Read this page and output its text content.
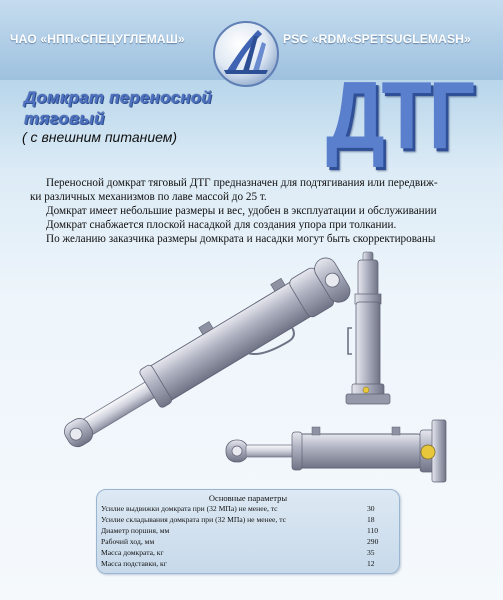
ЧАО «НПП«СПЕЦУГЛЕМАШ»	PSC «RDM«SPETSUGLEMASH»
Домкрат переносной
тяговый
( с внешним питанием) ДТГ

Переносной домкрат тяговый ДТГ предназначен для подтягивания или передвиж-

ки различных механизмов по лаве массой до 25 т.

Домкрат имеет небольшие размеры и вес, удобен в эксплуатации и обслуживании

Домкрат снабжается плоской насадкой для создания упора при толкании.

По желанию заказчика размеры домкрата и насадки могут быть скорректированы

Основные параметры
Усилие выдвижки домкрата при (32 МПа) не менее, тс	30
Усилие складывания домкрата при (32 МПа) не менее, тс	18
Диаметр поршня, мм	110
Рабочий ход, мм	290
Масса домкрата, кг	35
Масса подставки, кг	12
